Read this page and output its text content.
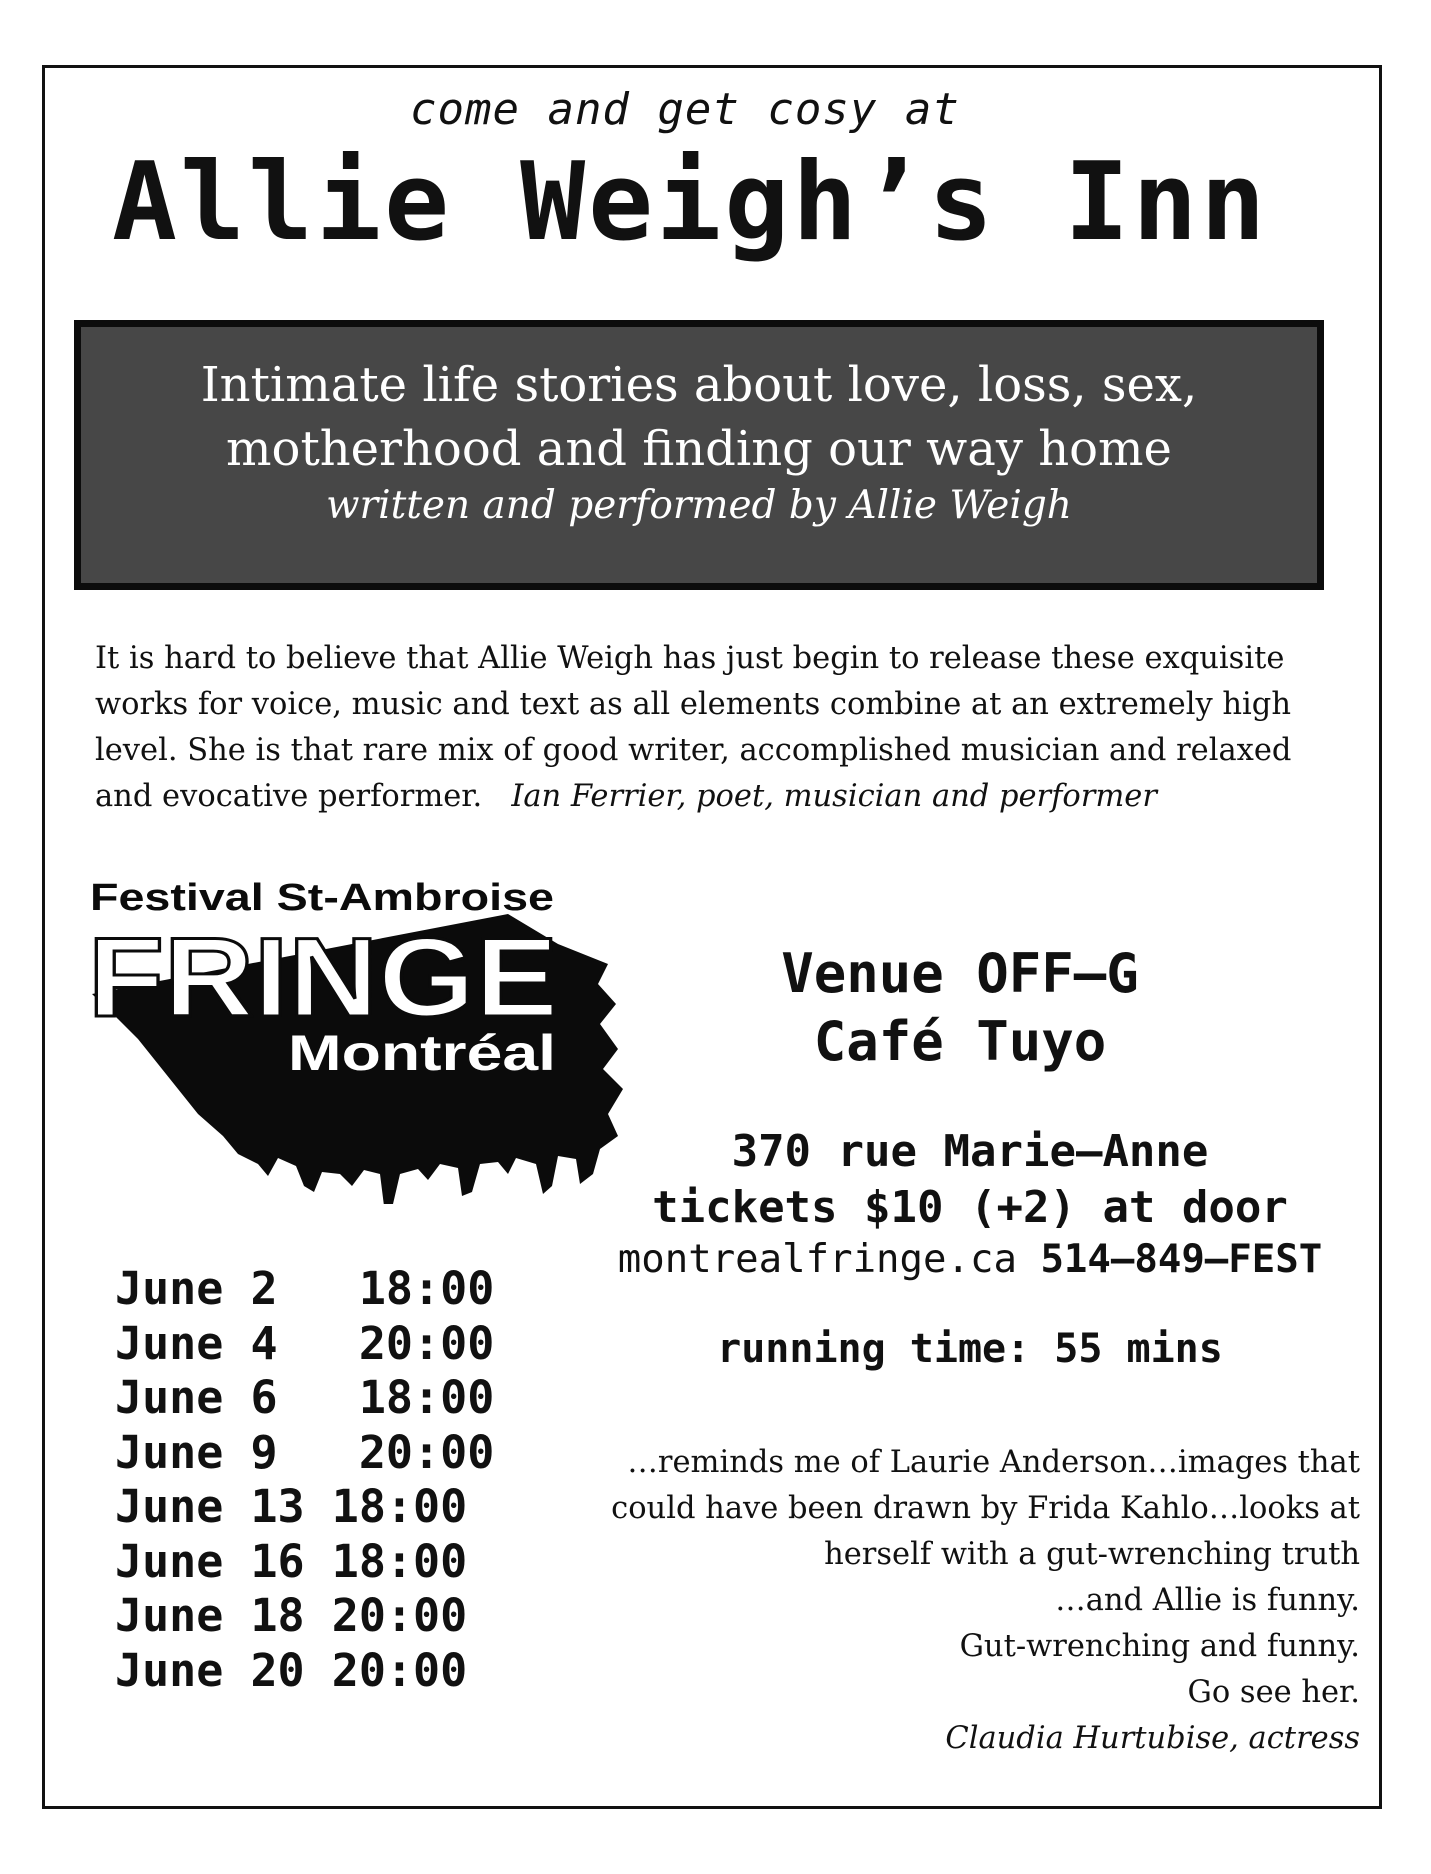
come and get cosy at
Allie Weigh’s Inn
Intimate life stories about love, loss, sex,
motherhood and finding our way home
written and performed by Allie Weigh
It is hard to believe that Allie Weigh has just begin to release these exquisite works for voice, music and text as all elements combine at an extremely high level. She is that rare mix of good writer, accomplished musician and relaxed and evocative performer. Ian Ferrier, poet, musician and performer
Festival St-Ambroise
FRINGE
Montréal
Venue OFF–G
Café Tuyo
370 rue Marie–Anne
tickets $10 (+2) at door
montrealfringe.ca 514–849–FEST
running time: 55 mins
June 2   18:00
June 4   20:00
June 6   18:00
June 9   20:00
June 13 18:00
June 16 18:00
June 18 20:00
June 20 20:00
…reminds me of Laurie Anderson…images that
could have been drawn by Frida Kahlo…looks at
herself with a gut-wrenching truth
…and Allie is funny.
Gut-wrenching and funny.
Go see her.
Claudia Hurtubise, actress
